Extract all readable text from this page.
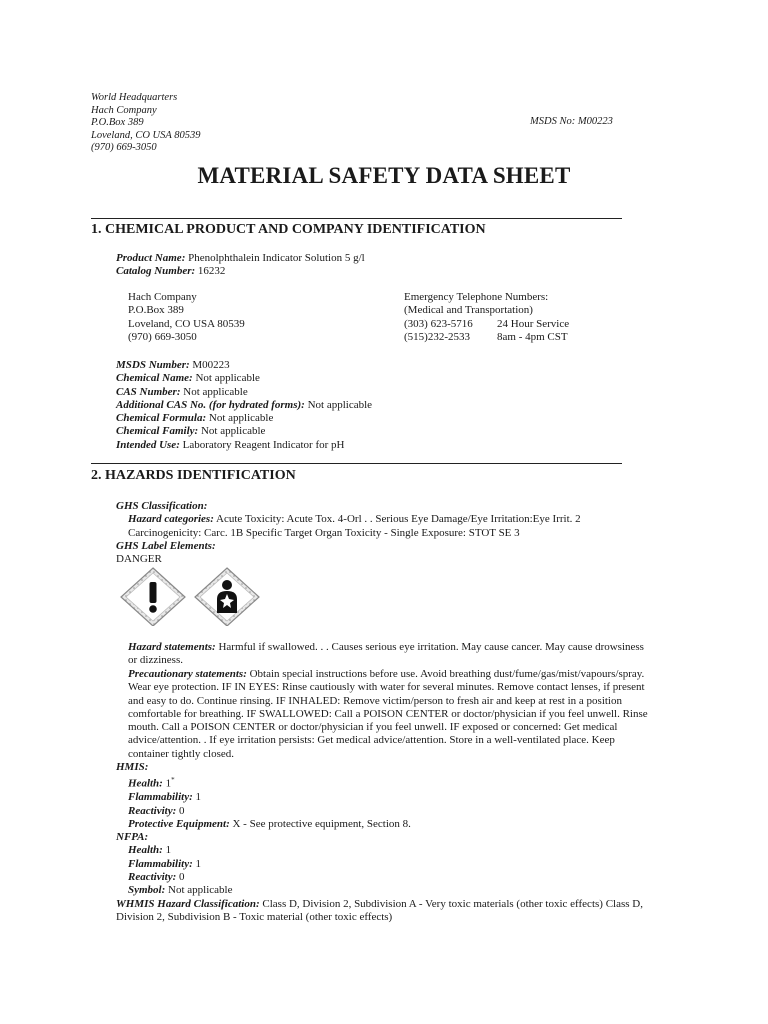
World Headquarters
Hach Company
P.O.Box 389
Loveland, CO USA 80539
(970) 669-3050
MSDS No: M00223
MATERIAL SAFETY DATA SHEET
1. CHEMICAL PRODUCT AND COMPANY IDENTIFICATION
Product Name: Phenolphthalein Indicator Solution 5 g/l
Catalog Number: 16232
Hach Company
P.O.Box 389
Loveland, CO USA 80539
(970) 669-3050
Emergency Telephone Numbers:
(Medical and Transportation)
(303) 623-5716 24 Hour Service
(515)232-2533 8am - 4pm CST
MSDS Number: M00223
Chemical Name: Not applicable
CAS Number: Not applicable
Additional CAS No. (for hydrated forms): Not applicable
Chemical Formula: Not applicable
Chemical Family: Not applicable
Intended Use: Laboratory Reagent Indicator for pH
2. HAZARDS IDENTIFICATION
GHS Classification:
Hazard categories: Acute Toxicity: Acute Tox. 4-Orl . . Serious Eye Damage/Eye Irritation:Eye Irrit. 2
Carcinogenicity: Carc. 1B Specific Target Organ Toxicity - Single Exposure: STOT SE 3
GHS Label Elements:
DANGER
Hazard statements: Harmful if swallowed. . . Causes serious eye irritation. May cause cancer. May cause drowsiness
or dizziness.
Precautionary statements: Obtain special instructions before use. Avoid breathing dust/fume/gas/mist/vapours/spray.
Wear eye protection. IF IN EYES: Rinse cautiously with water for several minutes. Remove contact lenses, if present
and easy to do. Continue rinsing. IF INHALED: Remove victim/person to fresh air and keep at rest in a position
comfortable for breathing. IF SWALLOWED: Call a POISON CENTER or doctor/physician if you feel unwell. Rinse
mouth. Call a POISON CENTER or doctor/physician if you feel unwell. IF exposed or concerned: Get medical
advice/attention. . If eye irritation persists: Get medical advice/attention. Store in a well-ventilated place. Keep
container tightly closed.
HMIS:
Health: 1*
Flammability: 1
Reactivity: 0
Protective Equipment: X - See protective equipment, Section 8.
NFPA:
Health: 1
Flammability: 1
Reactivity: 0
Symbol: Not applicable
WHMIS Hazard Classification: Class D, Division 2, Subdivision A - Very toxic materials (other toxic effects) Class D,
Division 2, Subdivision B - Toxic material (other toxic effects)
